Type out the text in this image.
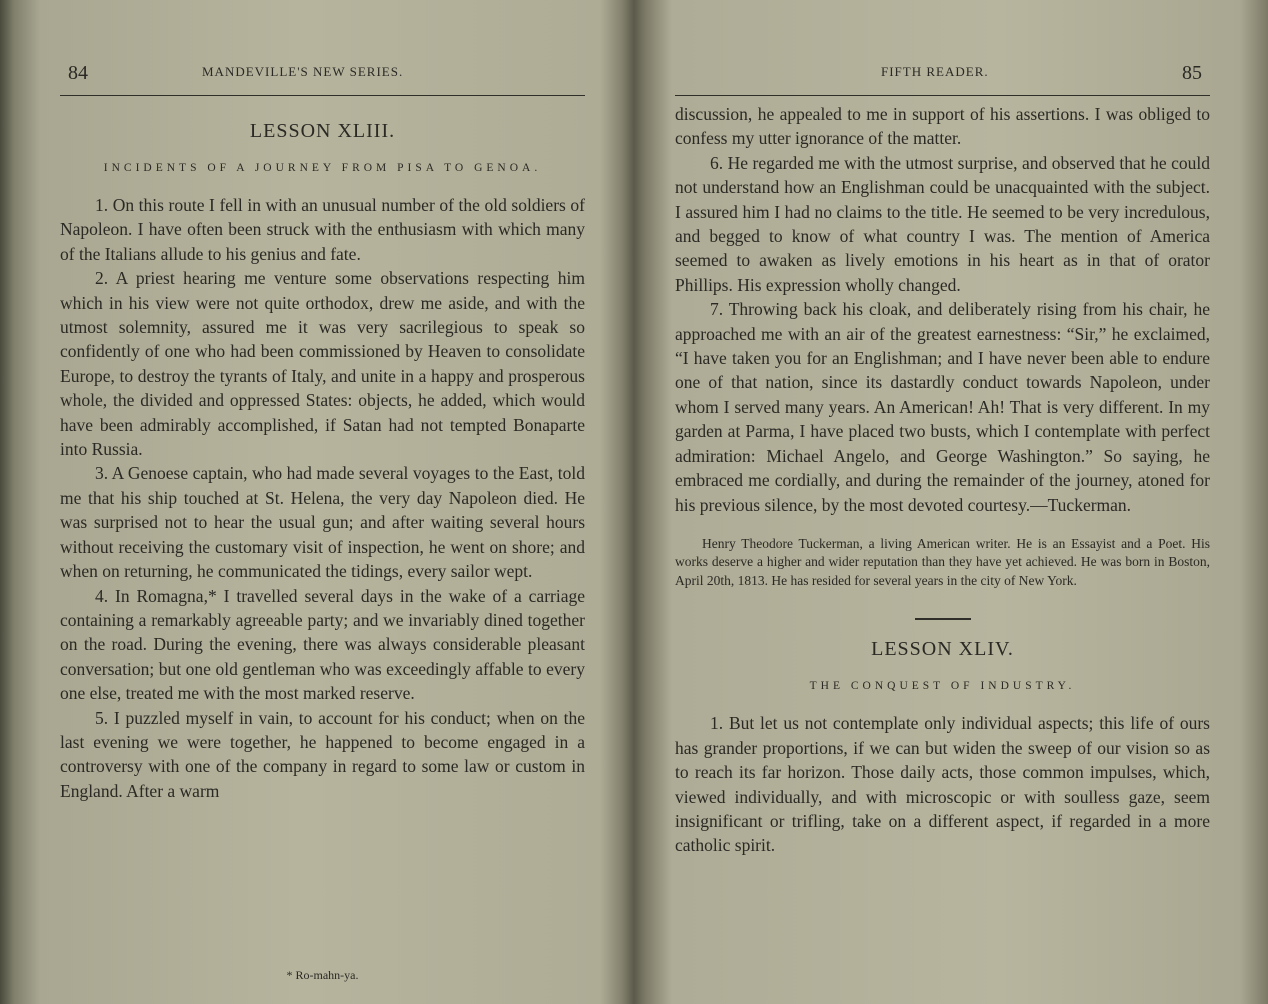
84	MANDEVILLE'S NEW SERIES.
LESSON XLIII.
INCIDENTS OF A JOURNEY FROM PISA TO GENOA.

1. On this route I fell in with an unusual number of the old soldiers of Napoleon. I have often been struck with the enthusiasm with which many of the Italians allude to his genius and fate.

2. A priest hearing me venture some observations respecting him which in his view were not quite orthodox, drew me aside, and with the utmost solemnity, assured me it was very sacrilegious to speak so confidently of one who had been commissioned by Heaven to consolidate Europe, to destroy the tyrants of Italy, and unite in a happy and prosperous whole, the divided and oppressed States: objects, he added, which would have been admirably accomplished, if Satan had not tempted Bonaparte into Russia.

3. A Genoese captain, who had made several voyages to the East, told me that his ship touched at St. Helena, the very day Napoleon died. He was surprised not to hear the usual gun; and after waiting several hours without receiving the customary visit of inspection, he went on shore; and when on returning, he communicated the tidings, every sailor wept.

4. In Romagna,* I travelled several days in the wake of a carriage containing a remarkably agreeable party; and we invariably dined together on the road. During the evening, there was always considerable pleasant conversation; but one old gentleman who was exceedingly affable to every one else, treated me with the most marked reserve.

5. I puzzled myself in vain, to account for his conduct; when on the last evening we were together, he happened to become engaged in a controversy with one of the company in regard to some law or custom in England. After a warm

* Ro-mahn-ya.
FIFTH READER.	85

discussion, he appealed to me in support of his assertions. I was obliged to confess my utter ignorance of the matter.

6. He regarded me with the utmost surprise, and observed that he could not understand how an Englishman could be unacquainted with the subject. I assured him I had no claims to the title. He seemed to be very incredulous, and begged to know of what country I was. The mention of America seemed to awaken as lively emotions in his heart as in that of orator Phillips. His expression wholly changed.

7. Throwing back his cloak, and deliberately rising from his chair, he approached me with an air of the greatest earnestness: “Sir,” he exclaimed, “I have taken you for an Englishman; and I have never been able to endure one of that nation, since its dastardly conduct towards Napoleon, under whom I served many years. An American! Ah! That is very different. In my garden at Parma, I have placed two busts, which I contemplate with perfect admiration: Michael Angelo, and George Washington.” So saying, he embraced me cordially, and during the remainder of the journey, atoned for his previous silence, by the most devoted courtesy.—Tuckerman.

Henry Theodore Tuckerman, a living American writer. He is an Essayist and a Poet. His works deserve a higher and wider reputation than they have yet achieved. He was born in Boston, April 20th, 1813. He has resided for several years in the city of New York.

LESSON XLIV.
THE CONQUEST OF INDUSTRY.

1. But let us not contemplate only individual aspects; this life of ours has grander proportions, if we can but widen the sweep of our vision so as to reach its far horizon. Those daily acts, those common impulses, which, viewed individually, and with microscopic or with soulless gaze, seem insignificant or trifling, take on a different aspect, if regarded in a more catholic spirit.
